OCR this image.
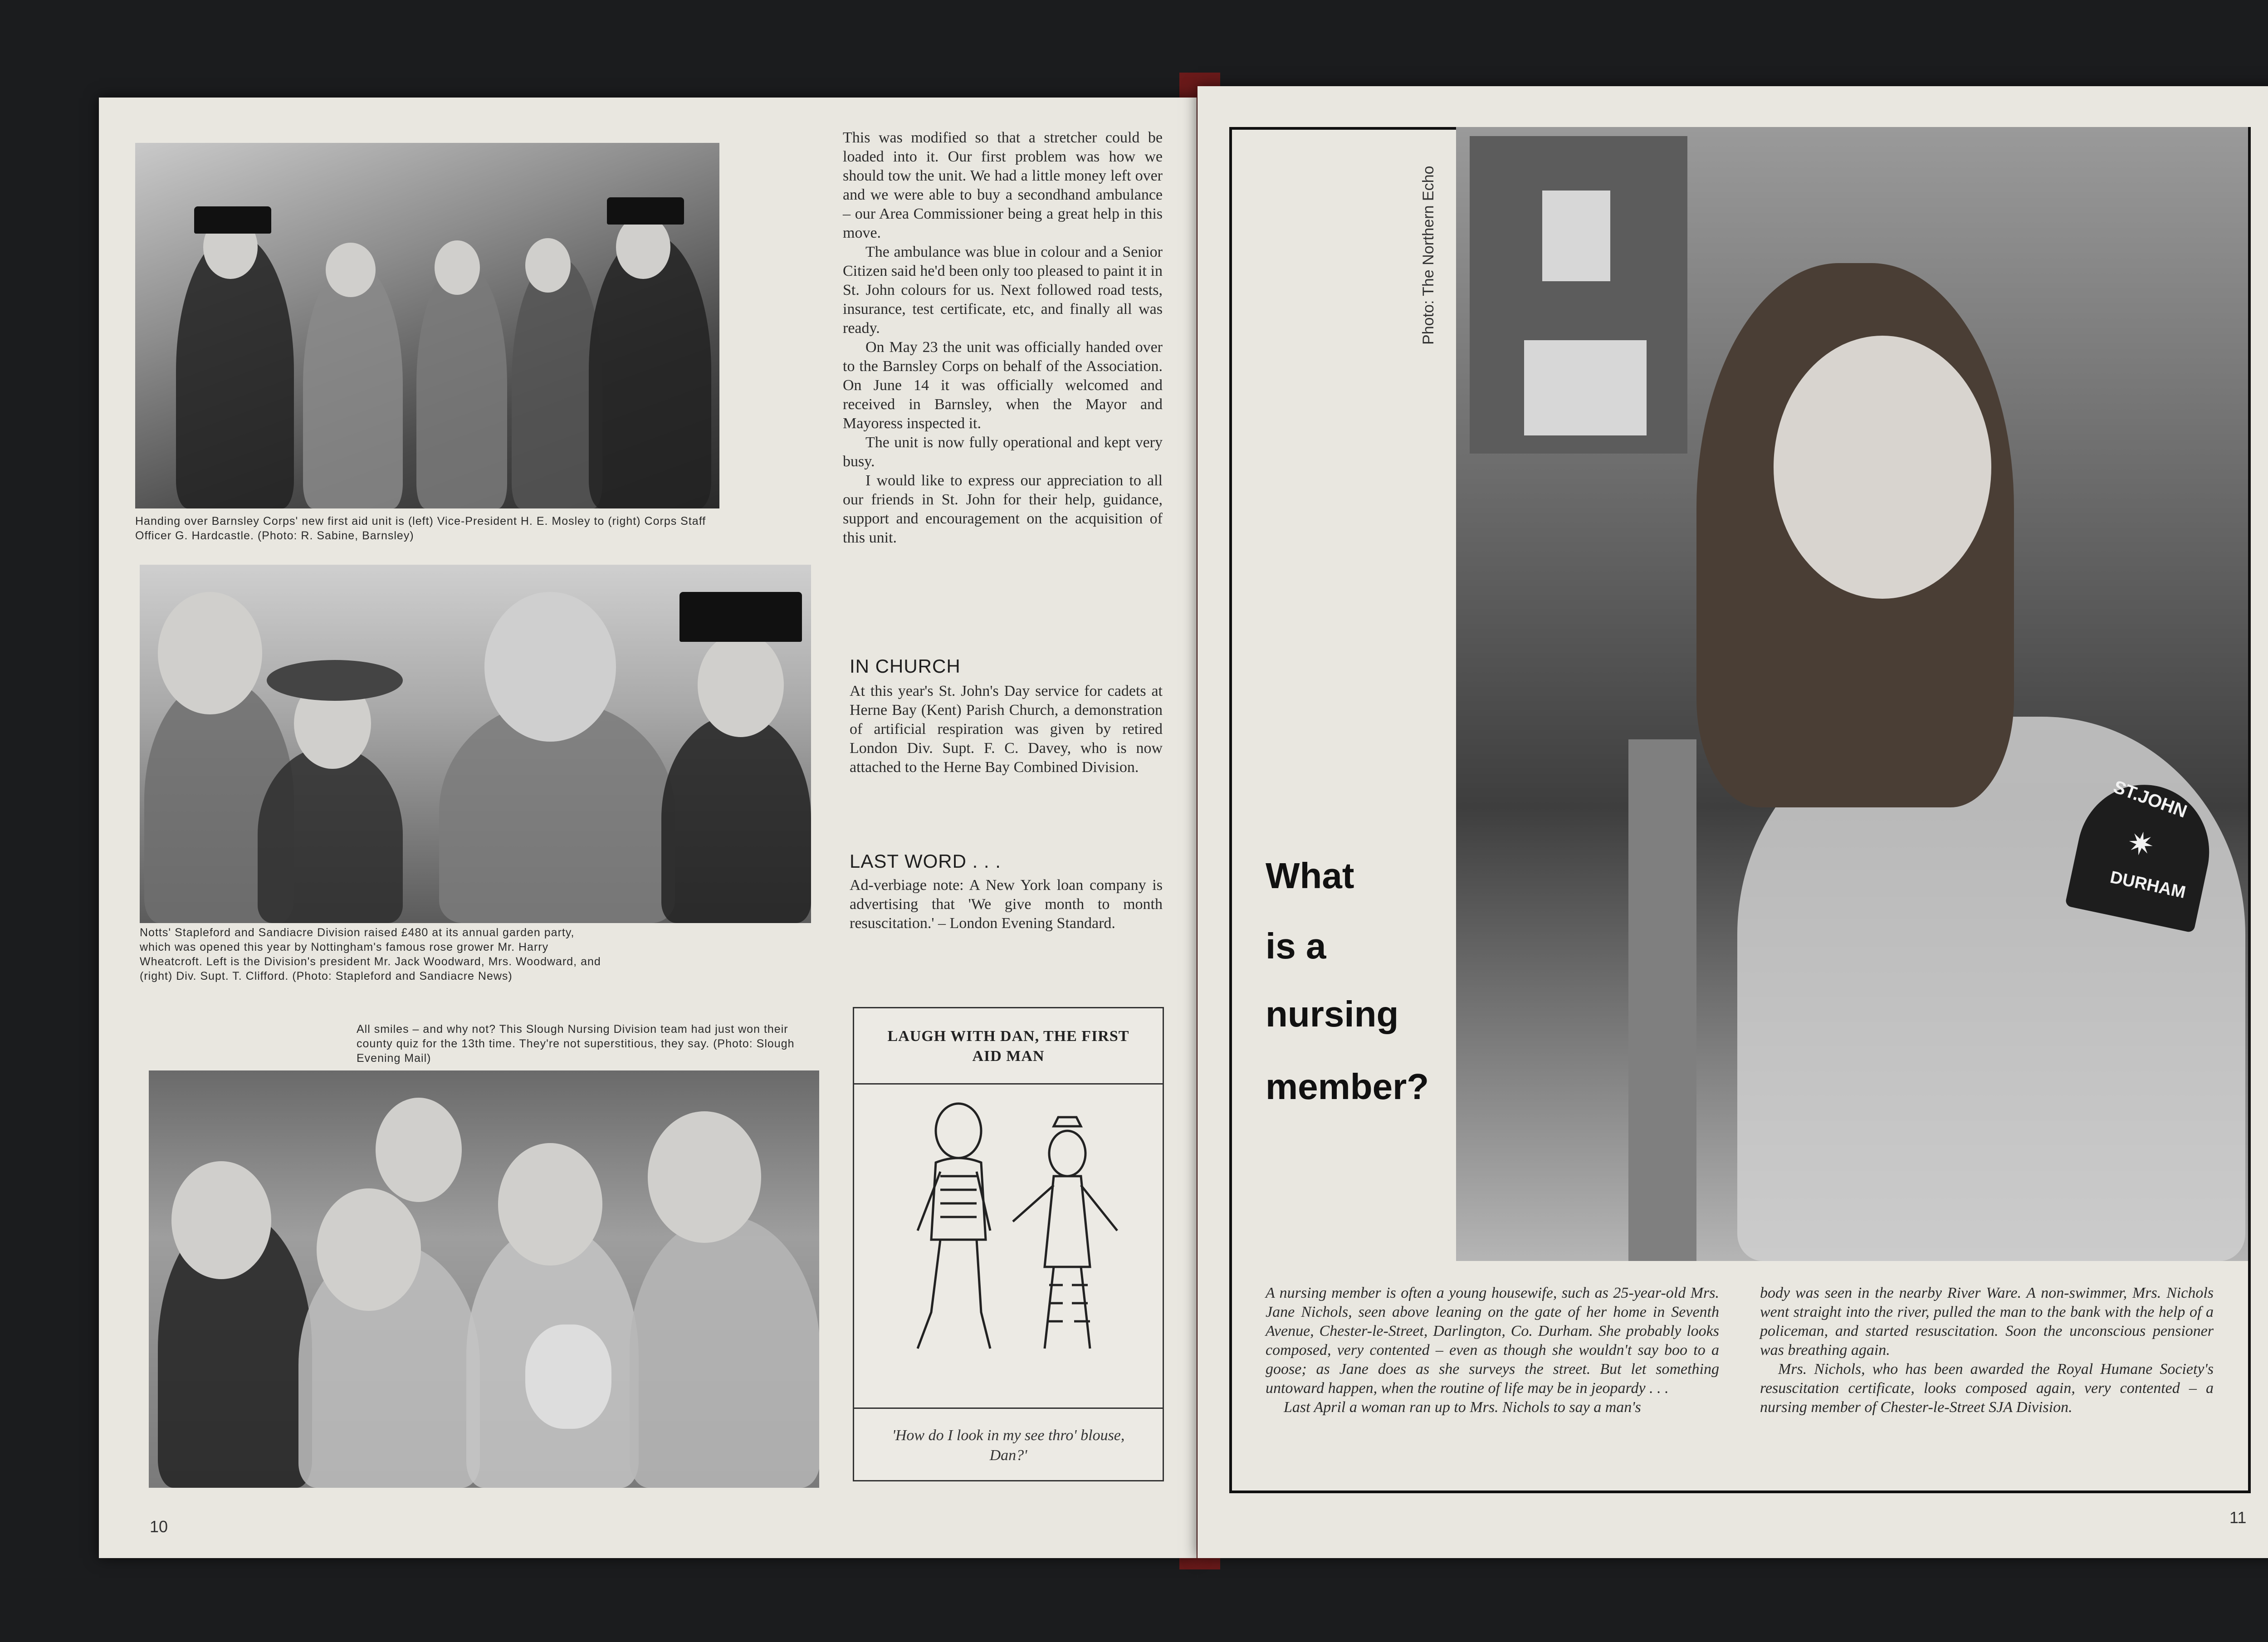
Handing over Barnsley Corps' new first aid unit is (left) Vice-President H. E. Mosley to (right) Corps Staff Officer G. Hardcastle. (Photo: R. Sabine, Barnsley)
Notts' Stapleford and Sandiacre Division raised £480 at its annual garden party, which was opened this year by Nottingham's famous rose grower Mr. Harry Wheatcroft. Left is the Division's president Mr. Jack Woodward, Mrs. Woodward, and (right) Div. Supt. T. Clifford. (Photo: Stapleford and Sandiacre News)
All smiles – and why not? This Slough Nursing Division team had just won their county quiz for the 13th time. They're not superstitious, they say. (Photo: Slough Evening Mail)

This was modified so that a stretcher could be loaded into it. Our first problem was how we should tow the unit. We had a little money left over and we were able to buy a secondhand ambulance – our Area Commissioner being a great help in this move.

The ambulance was blue in colour and a Senior Citizen said he'd been only too pleased to paint it in St. John colours for us. Next followed road tests, insurance, test certificate, etc, and finally all was ready.

On May 23 the unit was officially handed over to the Barnsley Corps on behalf of the Association. On June 14 it was officially welcomed and received in Barnsley, when the Mayor and Mayoress inspected it.

The unit is now fully operational and kept very busy.

I would like to express our appreciation to all our friends in St. John for their help, guidance, support and encouragement on the acquisition of this unit.

IN CHURCH

At this year's St. John's Day service for cadets at Herne Bay (Kent) Parish Church, a demonstration of artificial respiration was given by retired London Div. Supt. F. C. Davey, who is now attached to the Herne Bay Combined Division.

LAST WORD . . .

Ad-verbiage note: A New York loan company is advertising that 'We give month to month resuscitation.' – London Evening Standard.

LAUGH WITH DAN, THE FIRST AID MAN
'How do I look in my see thro' blouse, Dan?'
10
ST.JOHN
✷
DURHAM
Photo: The Northern Echo
What
is a
nursing
member?

A nursing member is often a young housewife, such as 25-year-old Mrs. Jane Nichols, seen above leaning on the gate of her home in Seventh Avenue, Chester-le-Street, Darlington, Co. Durham. She probably looks composed, very contented – even as though she wouldn't say boo to a goose; as Jane does as she surveys the street. But let something untoward happen, when the routine of life may be in jeopardy . . .

Last April a woman ran up to Mrs. Nichols to say a man's

body was seen in the nearby River Ware. A non-swimmer, Mrs. Nichols went straight into the river, pulled the man to the bank with the help of a policeman, and started resuscitation. Soon the unconscious pensioner was breathing again.

Mrs. Nichols, who has been awarded the Royal Humane Society's resuscitation certificate, looks composed again, very contented – a nursing member of Chester-le-Street SJA Division.

11
